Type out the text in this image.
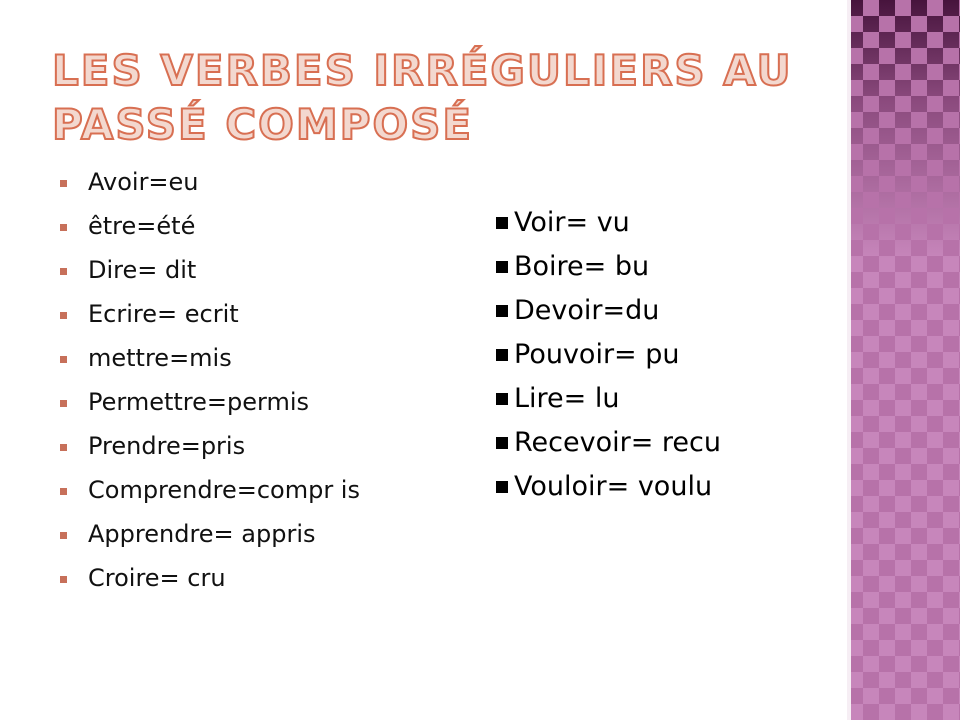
LES VERBES IRRÉGULIERS AU PASSÉ COMPOSÉ
Avoir=eu
être=été
Dire= dit
Ecrire= ecrit
mettre=mis
Permettre=permis
Prendre=pris
Comprendre=compr is
Apprendre= appris
Croire= cru
Voir= vu
Boire= bu
Devoir=du
Pouvoir= pu
Lire= lu
Recevoir= recu
Vouloir= voulu
